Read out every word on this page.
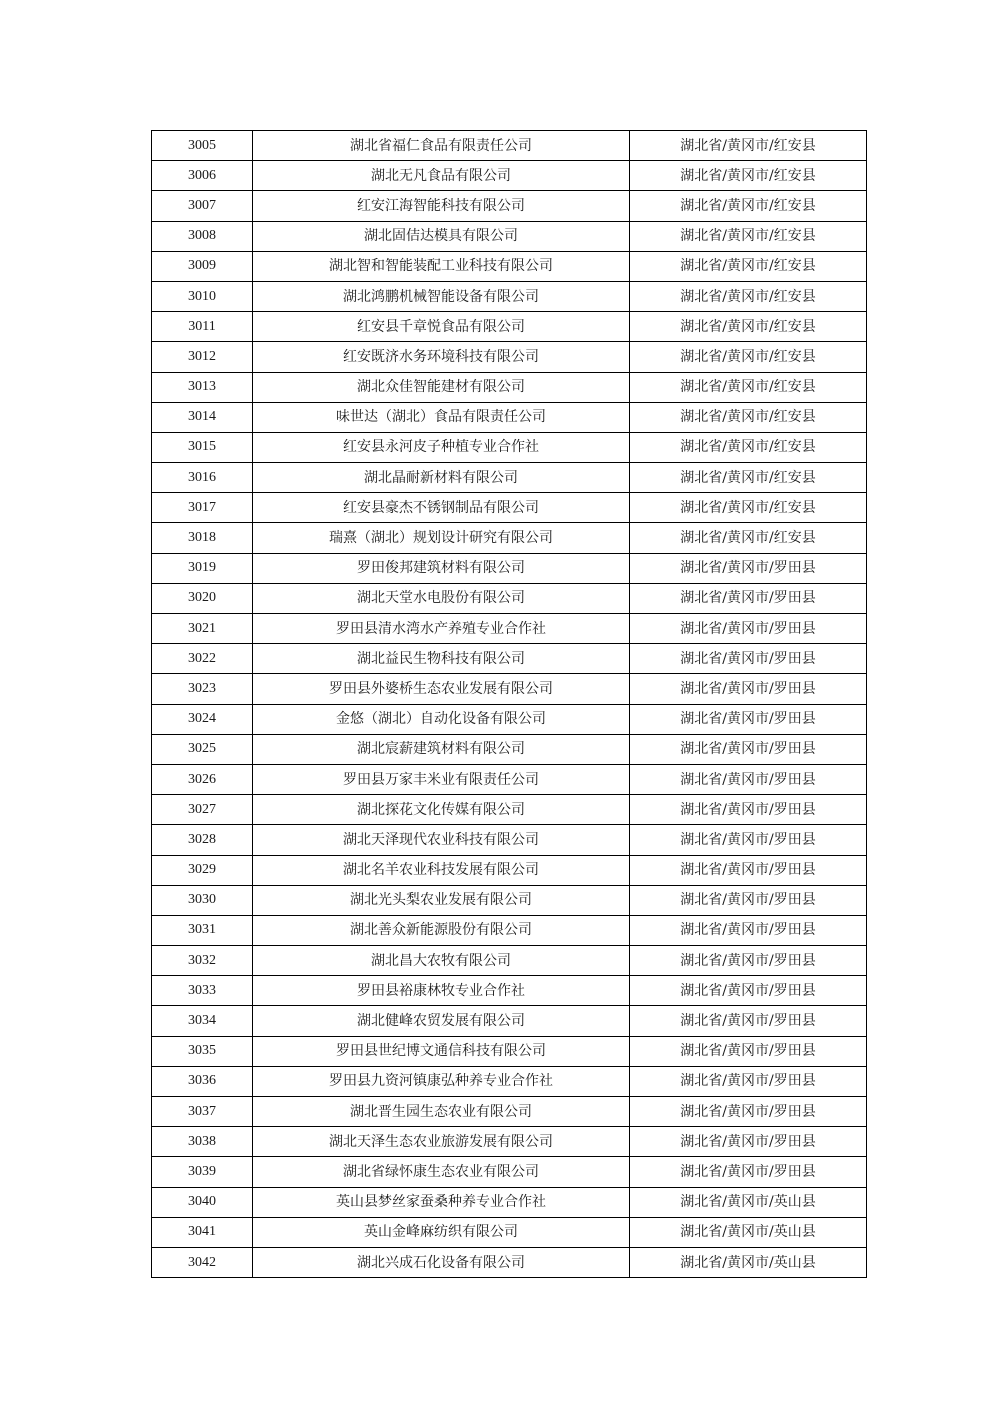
3005	湖北省福仁食品有限责任公司	湖北省/黄冈市/红安县
3006	湖北无凡食品有限公司	湖北省/黄冈市/红安县
3007	红安江海智能科技有限公司	湖北省/黄冈市/红安县
3008	湖北固佶达模具有限公司	湖北省/黄冈市/红安县
3009	湖北智和智能装配工业科技有限公司	湖北省/黄冈市/红安县
3010	湖北鸿鹏机械智能设备有限公司	湖北省/黄冈市/红安县
3011	红安县千章悦食品有限公司	湖北省/黄冈市/红安县
3012	红安既济水务环境科技有限公司	湖北省/黄冈市/红安县
3013	湖北众佳智能建材有限公司	湖北省/黄冈市/红安县
3014	味世达（湖北）食品有限责任公司	湖北省/黄冈市/红安县
3015	红安县永河皮子种植专业合作社	湖北省/黄冈市/红安县
3016	湖北晶耐新材料有限公司	湖北省/黄冈市/红安县
3017	红安县豪杰不锈钢制品有限公司	湖北省/黄冈市/红安县
3018	瑞熹（湖北）规划设计研究有限公司	湖北省/黄冈市/红安县
3019	罗田俊邦建筑材料有限公司	湖北省/黄冈市/罗田县
3020	湖北天堂水电股份有限公司	湖北省/黄冈市/罗田县
3021	罗田县清水湾水产养殖专业合作社	湖北省/黄冈市/罗田县
3022	湖北益民生物科技有限公司	湖北省/黄冈市/罗田县
3023	罗田县外婆桥生态农业发展有限公司	湖北省/黄冈市/罗田县
3024	金悠（湖北）自动化设备有限公司	湖北省/黄冈市/罗田县
3025	湖北宸薪建筑材料有限公司	湖北省/黄冈市/罗田县
3026	罗田县万家丰米业有限责任公司	湖北省/黄冈市/罗田县
3027	湖北探花文化传媒有限公司	湖北省/黄冈市/罗田县
3028	湖北天泽现代农业科技有限公司	湖北省/黄冈市/罗田县
3029	湖北名羊农业科技发展有限公司	湖北省/黄冈市/罗田县
3030	湖北光头梨农业发展有限公司	湖北省/黄冈市/罗田县
3031	湖北善众新能源股份有限公司	湖北省/黄冈市/罗田县
3032	湖北昌大农牧有限公司	湖北省/黄冈市/罗田县
3033	罗田县裕康林牧专业合作社	湖北省/黄冈市/罗田县
3034	湖北健峰农贸发展有限公司	湖北省/黄冈市/罗田县
3035	罗田县世纪博文通信科技有限公司	湖北省/黄冈市/罗田县
3036	罗田县九资河镇康弘种养专业合作社	湖北省/黄冈市/罗田县
3037	湖北晋生园生态农业有限公司	湖北省/黄冈市/罗田县
3038	湖北天泽生态农业旅游发展有限公司	湖北省/黄冈市/罗田县
3039	湖北省绿怀康生态农业有限公司	湖北省/黄冈市/罗田县
3040	英山县梦丝家蚕桑种养专业合作社	湖北省/黄冈市/英山县
3041	英山金峰麻纺织有限公司	湖北省/黄冈市/英山县
3042	湖北兴成石化设备有限公司	湖北省/黄冈市/英山县
